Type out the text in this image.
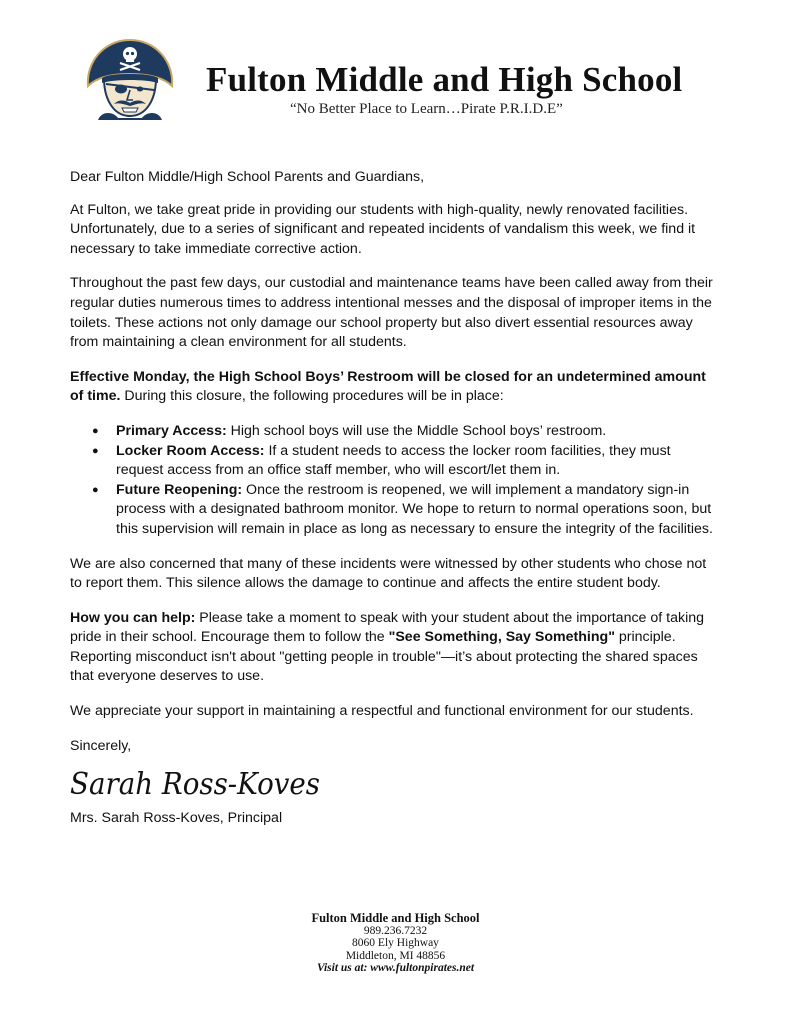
Fulton Middle and High School
“No Better Place to Learn…Pirate P.R.I.D.E”

Dear Fulton Middle/High School Parents and Guardians,

At Fulton, we take great pride in providing our students with high-quality, newly renovated facilities. Unfortunately, due to a series of significant and repeated incidents of vandalism this week, we find it necessary to take immediate corrective action.

Throughout the past few days, our custodial and maintenance teams have been called away from their regular duties numerous times to address intentional messes and the disposal of improper items in the toilets. These actions not only damage our school property but also divert essential resources away from maintaining a clean environment for all students.

Effective Monday, the High School Boys’ Restroom will be closed for an undetermined amount of time. During this closure, the following procedures will be in place:

● Primary Access: High school boys will use the Middle School boys’ restroom.
● Locker Room Access: If a student needs to access the locker room facilities, they must request access from an office staff member, who will escort/let them in.
● Future Reopening: Once the restroom is reopened, we will implement a mandatory sign-in process with a designated bathroom monitor. We hope to return to normal operations soon, but this supervision will remain in place as long as necessary to ensure the integrity of the facilities.

We are also concerned that many of these incidents were witnessed by other students who chose not to report them. This silence allows the damage to continue and affects the entire student body.

How you can help: Please take a moment to speak with your student about the importance of taking pride in their school. Encourage them to follow the "See Something, Say Something" principle. Reporting misconduct isn't about "getting people in trouble"—it’s about protecting the shared spaces that everyone deserves to use.

We appreciate your support in maintaining a respectful and functional environment for our students.

Sincerely,

Sarah Ross-Koves
Mrs. Sarah Ross-Koves, Principal
Fulton Middle and High School
989.236.7232
8060 Ely Highway
Middleton, MI 48856
Visit us at: www.fultonpirates.net
